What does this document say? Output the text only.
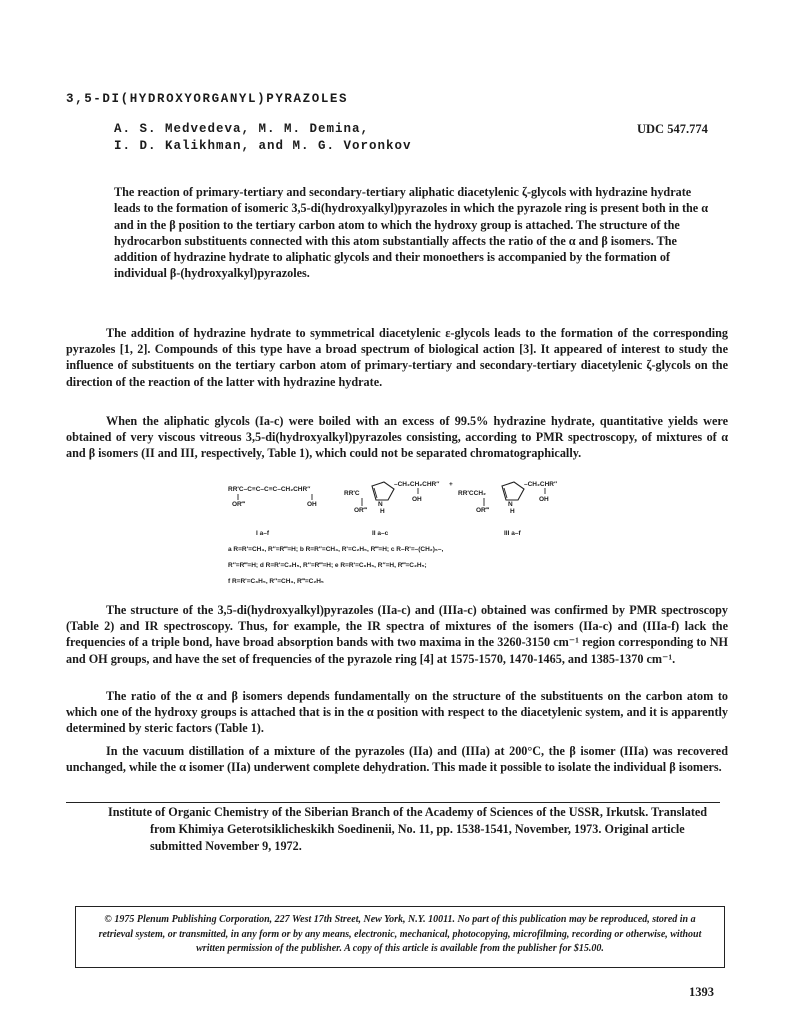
3,5-DI(HYDROXYORGANYL)PYRAZOLES
A. S. Medvedeva, M. M. Demina,
I. D. Kalikhman, and M. G. Voronkov
UDC 547.774
The reaction of primary-tertiary and secondary-tertiary aliphatic diacetylenic ζ-glycols with hydrazine hydrate leads to the formation of isomeric 3,5-di(hydroxyalkyl)pyrazoles in which the pyrazole ring is present both in the α and in the β position to the tertiary carbon atom to which the hydroxy group is attached. The structure of the hydrocarbon substituents connected with this atom substantially affects the ratio of the α and β isomers. The addition of hydrazine hydrate to aliphatic glycols and their monoethers is accompanied by the formation of individual β-(hydroxyalkyl)pyrazoles.

The addition of hydrazine hydrate to symmetrical diacetylenic ε-glycols leads to the formation of the corresponding pyrazoles [1, 2]. Compounds of this type have a broad spectrum of biological action [3]. It appeared of interest to study the influence of substituents on the tertiary carbon atom of primary-tertiary and secondary-tertiary diacetylenic ζ-glycols on the direction of the reaction of the latter with hydrazine hydrate.

When the aliphatic glycols (Ia-c) were boiled with an excess of 99.5% hydrazine hydrate, quantitative yields were obtained of very viscous vitreous 3,5-di(hydroxyalkyl)pyrazoles consisting, according to PMR spectroscopy, of mixtures of α and β isomers (II and III, respectively, Table 1), which could not be separated chromatographically.

RR'C–C≡C–C≡C–CH₂CHR″
OR‴	OH
RR'C
–CH₂CH₂CHR″
OR‴
OH
N
H
+
RR'CCH₂
–CH₂CHR″
OR‴
OH
N
H
I a–f	II a–c	III a–f
a R=R'=CH₃, R″=R‴=H; b R=R″=CH₃, R'=C₂H₅, R‴=H; c R–R'=–(CH₂)₅–,
R″=R‴=H; d R=R'=C₂H₅, R″=R‴=H; e R=R'=C₆H₅, R″=H, R‴=C₂H₅;
f R=R'=C₆H₅, R″=CH₃, R‴=C₂H₅

The structure of the 3,5-di(hydroxyalkyl)pyrazoles (IIa-c) and (IIIa-c) obtained was confirmed by PMR spectroscopy (Table 2) and IR spectroscopy. Thus, for example, the IR spectra of mixtures of the isomers (IIa-c) and (IIIa-f) lack the frequencies of a triple bond, have broad absorption bands with two maxima in the 3260-3150 cm⁻¹ region corresponding to NH and OH groups, and have the set of frequencies of the pyrazole ring [4] at 1575-1570, 1470-1465, and 1385-1370 cm⁻¹.

The ratio of the α and β isomers depends fundamentally on the structure of the substituents on the carbon atom to which one of the hydroxy groups is attached that is in the α position with respect to the diacetylenic system, and it is apparently determined by steric factors (Table 1).

In the vacuum distillation of a mixture of the pyrazoles (IIa) and (IIIa) at 200°C, the β isomer (IIIa) was recovered unchanged, while the α isomer (IIa) underwent complete dehydration. This made it possible to isolate the individual β isomers.

Institute of Organic Chemistry of the Siberian Branch of the Academy of Sciences of the USSR, Irkutsk. Translated from Khimiya Geterotsiklicheskikh Soedinenii, No. 11, pp. 1538-1541, November, 1973. Original article submitted November 9, 1972.

© 1975 Plenum Publishing Corporation, 227 West 17th Street, New York, N.Y. 10011. No part of this publication may be reproduced, stored in a retrieval system, or transmitted, in any form or by any means, electronic, mechanical, photocopying, microfilming, recording or otherwise, without written permission of the publisher. A copy of this article is available from the publisher for $15.00.
1393
